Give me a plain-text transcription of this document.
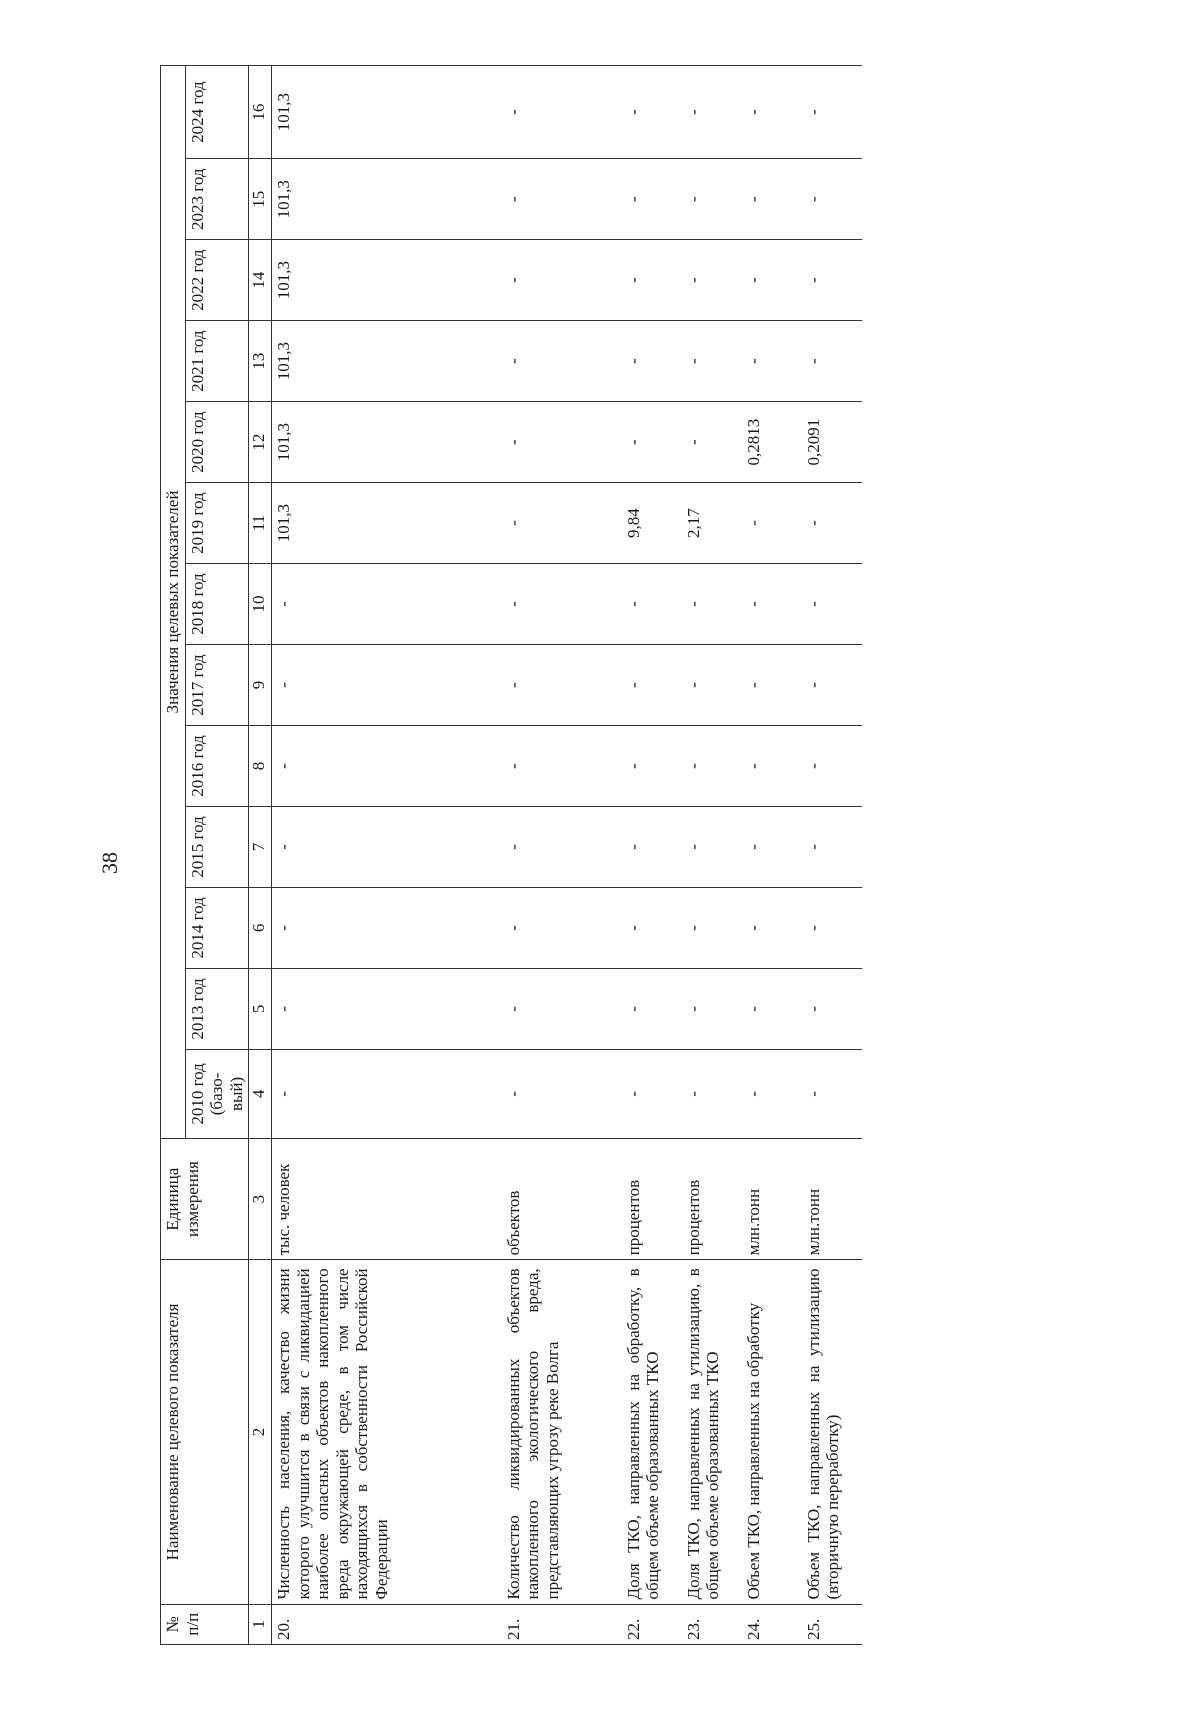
38
№ п/п	Наименование целевого показателя	Единица измерения	Значения целевых показателей												
			2010 год (базо- вый)	2013 год	2014 год	2015 год	2016 год	2017 год	2018 год	2019 год	2020 год	2021 год	2022 год	2023 год	2024 год
1	2	3	4	5	6	7	8	9	10	11	12	13	14	15	16
20.	Численность населения, качество жизни которого улучшится в связи с ликвидацией наиболее опасных объектов накопленного вреда окружающей среде, в том числе находящихся в собственности Российской Федерации	тыс. человек	-	-	-	-	-	-	-	101,3	101,3	101,3	101,3	101,3	101,3
21.	Количество ликвидированных объектов накопленного экологического вреда, представляющих угрозу реке Волга	объектов	-	-	-	-	-	-	-	-	-	-	-	-	-
22.	Доля ТКО, направленных на обработку, в общем объеме образованных ТКО	процентов	-	-	-	-	-	-	-	9,84	-	-	-	-	-
23.	Доля ТКО, направленных на утилизацию, в общем объеме образованных ТКО	процентов	-	-	-	-	-	-	-	2,17	-	-	-	-	-
24.	Объем ТКО, направленных на обработку	млн.тонн	-	-	-	-	-	-	-	-	0,2813	-	-	-	-
25.	Объем ТКО, направленных на утилизацию (вторичную переработку)	млн.тонн	-	-	-	-	-	-	-	-	0,2091	-	-	-	-
